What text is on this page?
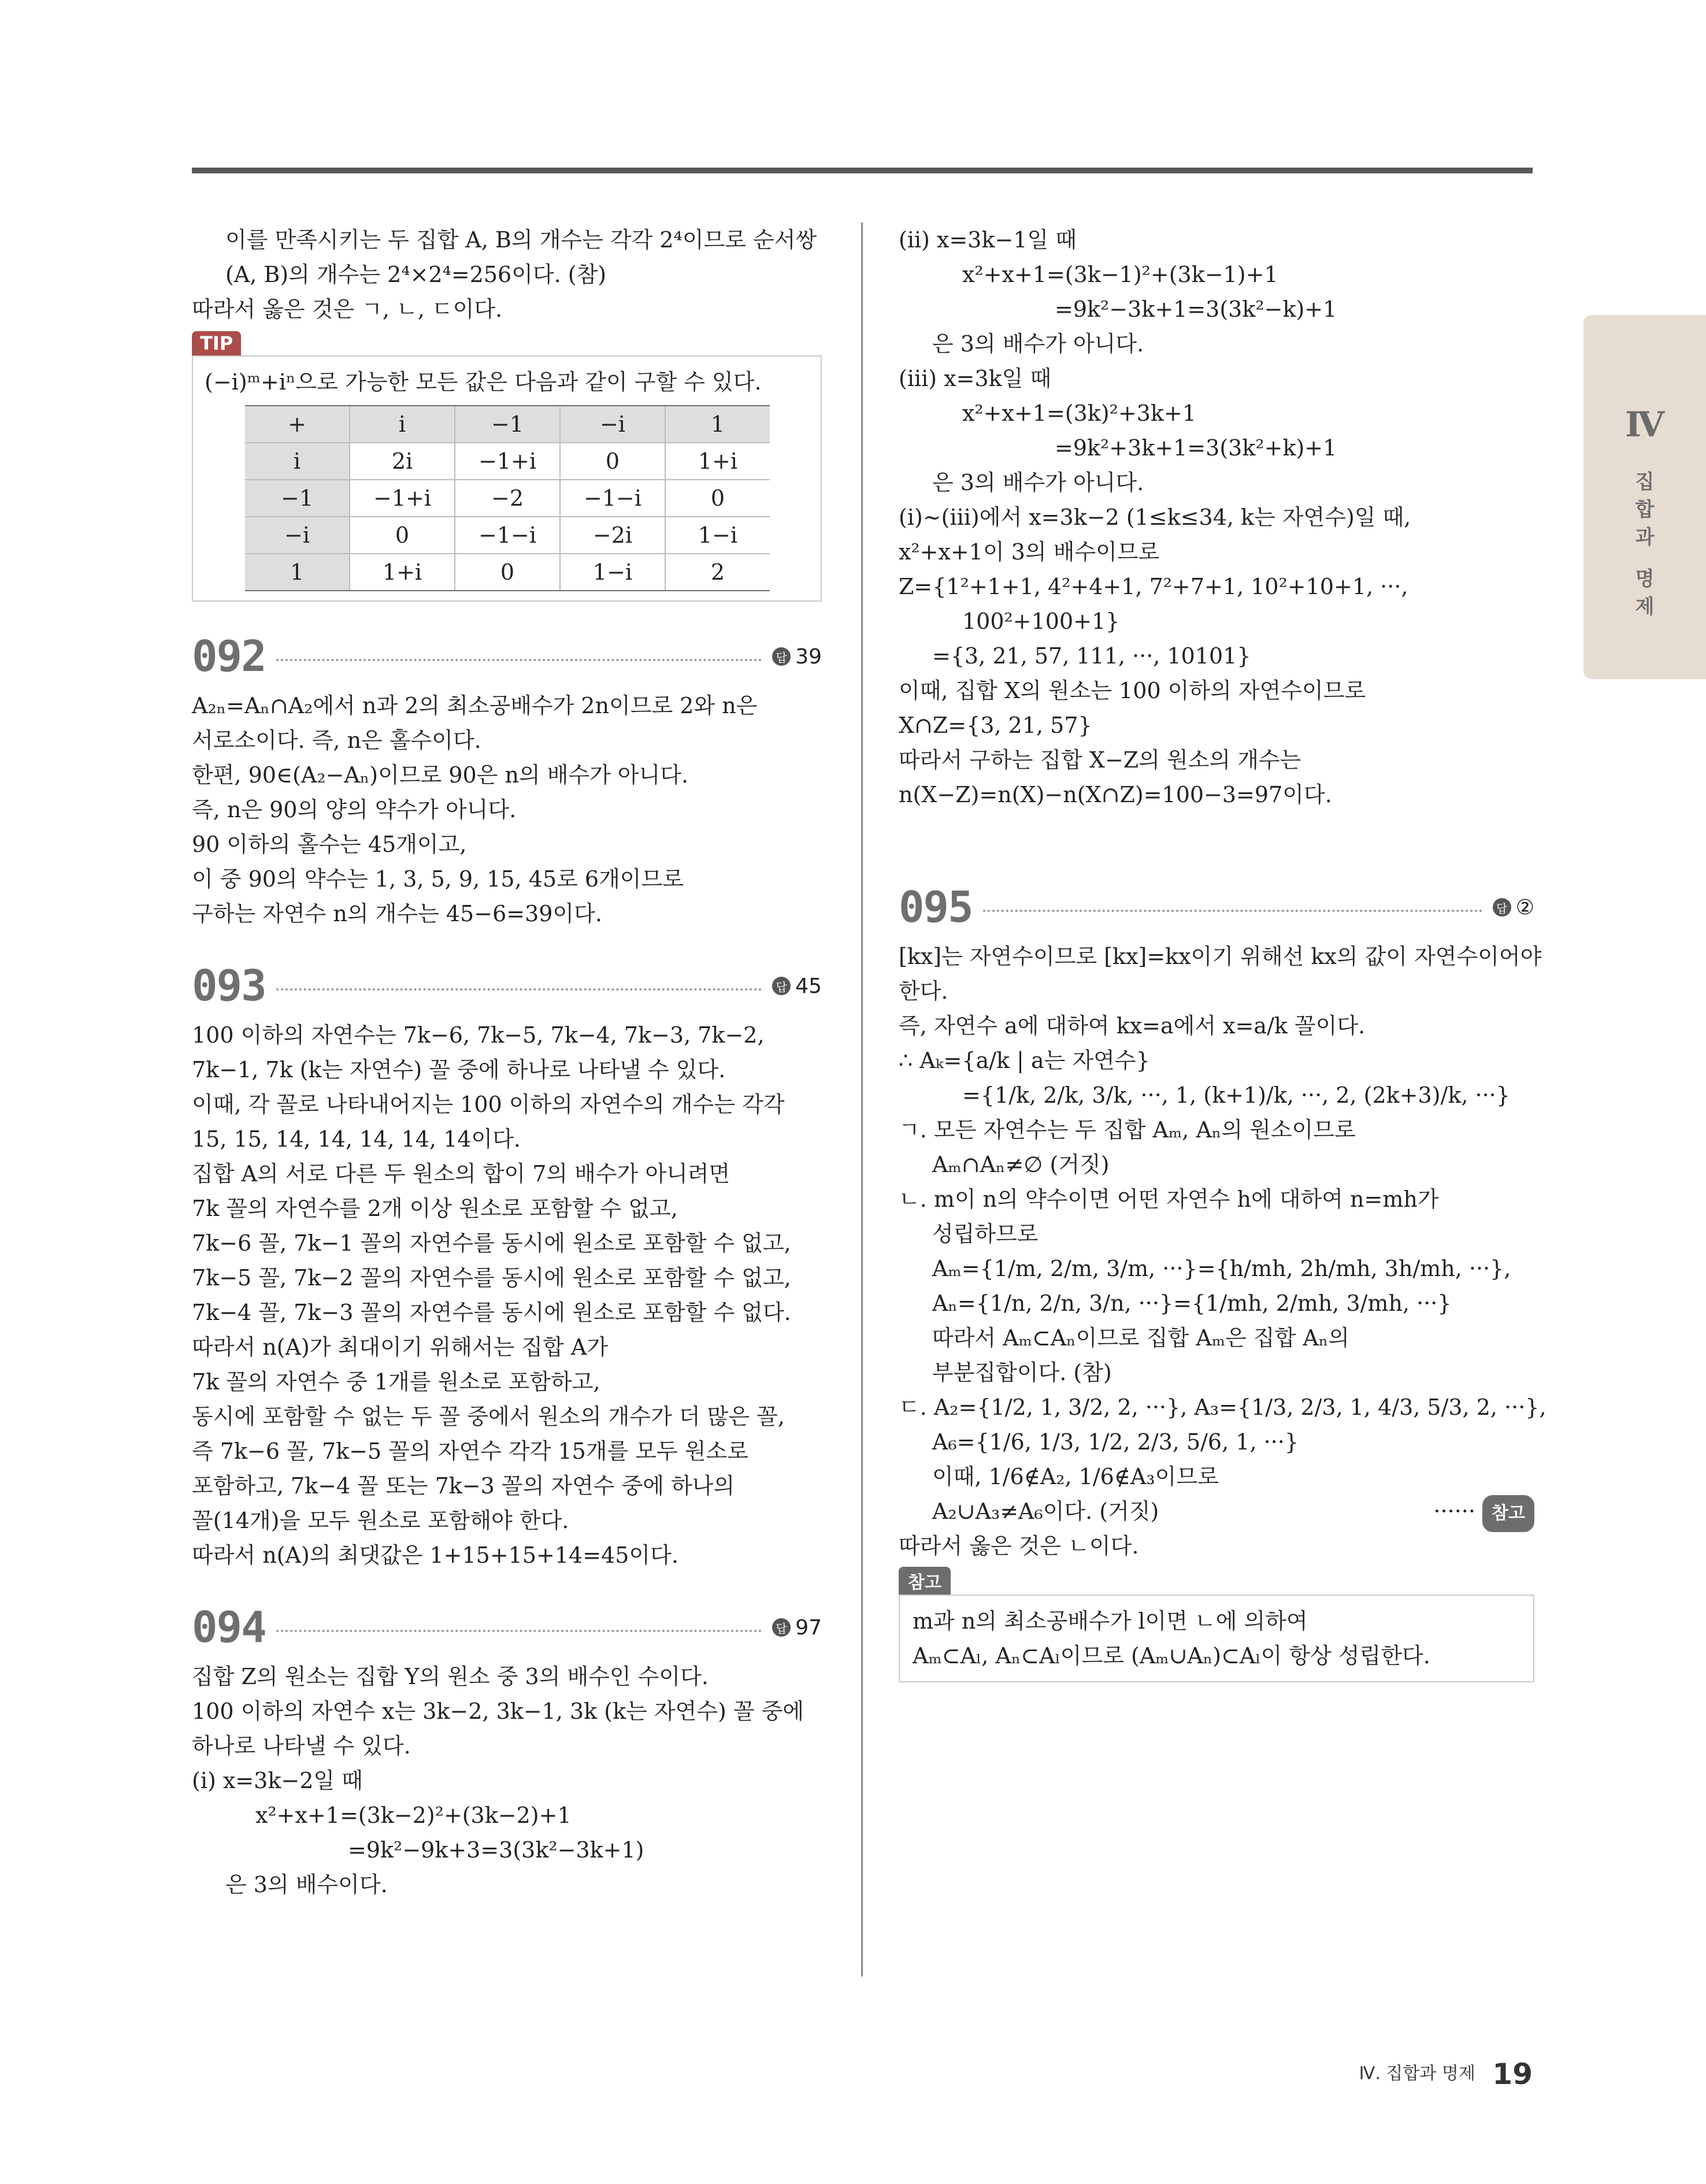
Ⅳ
집
합
과
명
제
이를 만족시키는 두 집합 A, B의 개수는 각각 2⁴이므로 순서쌍
(A, B)의 개수는 2⁴×2⁴=256이다. (참)
따라서 옳은 것은 ㄱ, ㄴ, ㄷ이다.
TIP
(−i)ᵐ+iⁿ으로 가능한 모든 값은 다음과 같이 구할 수 있다.
+	i	−1	−i	1
i	2i	−1+i	0	1+i
−1	−1+i	−2	−1−i	0
−i	0	−1−i	−2i	1−i
1	1+i	0	1−i	2
092	답 39
A₂ₙ=Aₙ∩A₂에서 n과 2의 최소공배수가 2n이므로 2와 n은
서로소이다. 즉, n은 홀수이다.
한편, 90∈(A₂−Aₙ)이므로 90은 n의 배수가 아니다.
즉, n은 90의 양의 약수가 아니다.
90 이하의 홀수는 45개이고,
이 중 90의 약수는 1, 3, 5, 9, 15, 45로 6개이므로
구하는 자연수 n의 개수는 45−6=39이다.
093	답 45
100 이하의 자연수는 7k−6, 7k−5, 7k−4, 7k−3, 7k−2,
7k−1, 7k (k는 자연수) 꼴 중에 하나로 나타낼 수 있다.
이때, 각 꼴로 나타내어지는 100 이하의 자연수의 개수는 각각
15, 15, 14, 14, 14, 14, 14이다.
집합 A의 서로 다른 두 원소의 합이 7의 배수가 아니려면
7k 꼴의 자연수를 2개 이상 원소로 포함할 수 없고,
7k−6 꼴, 7k−1 꼴의 자연수를 동시에 원소로 포함할 수 없고,
7k−5 꼴, 7k−2 꼴의 자연수를 동시에 원소로 포함할 수 없고,
7k−4 꼴, 7k−3 꼴의 자연수를 동시에 원소로 포함할 수 없다.
따라서 n(A)가 최대이기 위해서는 집합 A가
7k 꼴의 자연수 중 1개를 원소로 포함하고,
동시에 포함할 수 없는 두 꼴 중에서 원소의 개수가 더 많은 꼴,
즉 7k−6 꼴, 7k−5 꼴의 자연수 각각 15개를 모두 원소로
포함하고, 7k−4 꼴 또는 7k−3 꼴의 자연수 중에 하나의
꼴(14개)을 모두 원소로 포함해야 한다.
따라서 n(A)의 최댓값은 1+15+15+14=45이다.
094	답 97
집합 Z의 원소는 집합 Y의 원소 중 3의 배수인 수이다.
100 이하의 자연수 x는 3k−2, 3k−1, 3k (k는 자연수) 꼴 중에
하나로 나타낼 수 있다.
(ⅰ) x=3k−2일 때
x²+x+1=(3k−2)²+(3k−2)+1
=9k²−9k+3=3(3k²−3k+1)
은 3의 배수이다.
(ⅱ) x=3k−1일 때
x²+x+1=(3k−1)²+(3k−1)+1
=9k²−3k+1=3(3k²−k)+1
은 3의 배수가 아니다.
(ⅲ) x=3k일 때
x²+x+1=(3k)²+3k+1
=9k²+3k+1=3(3k²+k)+1
은 3의 배수가 아니다.
(ⅰ)~(ⅲ)에서 x=3k−2 (1≤k≤34, k는 자연수)일 때,
x²+x+1이 3의 배수이므로
Z={1²+1+1, 4²+4+1, 7²+7+1, 10²+10+1, ···,
100²+100+1}
={3, 21, 57, 111, ···, 10101}
이때, 집합 X의 원소는 100 이하의 자연수이므로
X∩Z={3, 21, 57}
따라서 구하는 집합 X−Z의 원소의 개수는
n(X−Z)=n(X)−n(X∩Z)=100−3=97이다.
095	답 ②
[kx]는 자연수이므로 [kx]=kx이기 위해선 kx의 값이 자연수이어야
한다.
즉, 자연수 a에 대하여 kx=a에서 x=a/k 꼴이다.
∴ Aₖ={a/k | a는 자연수}
={1/k, 2/k, 3/k, ···, 1, (k+1)/k, ···, 2, (2k+3)/k, ···}
ㄱ. 모든 자연수는 두 집합 Aₘ, Aₙ의 원소이므로
Aₘ∩Aₙ≠∅ (거짓)
ㄴ. m이 n의 약수이면 어떤 자연수 h에 대하여 n=mh가
성립하므로
Aₘ={1/m, 2/m, 3/m, ···}={h/mh, 2h/mh, 3h/mh, ···},
Aₙ={1/n, 2/n, 3/n, ···}={1/mh, 2/mh, 3/mh, ···}
따라서 Aₘ⊂Aₙ이므로 집합 Aₘ은 집합 Aₙ의
부분집합이다. (참)
ㄷ. A₂={1/2, 1, 3/2, 2, ···}, A₃={1/3, 2/3, 1, 4/3, 5/3, 2, ···},
A₆={1/6, 1/3, 1/2, 2/3, 5/6, 1, ···}
이때, 1/6∉A₂, 1/6∉A₃이므로
A₂∪A₃≠A₆이다. (거짓)	······ 참고
따라서 옳은 것은 ㄴ이다.
참고
m과 n의 최소공배수가 l이면 ㄴ에 의하여
Aₘ⊂Aₗ, Aₙ⊂Aₗ이므로 (Aₘ∪Aₙ)⊂Aₗ이 항상 성립한다.
Ⅳ. 집합과 명제 19
